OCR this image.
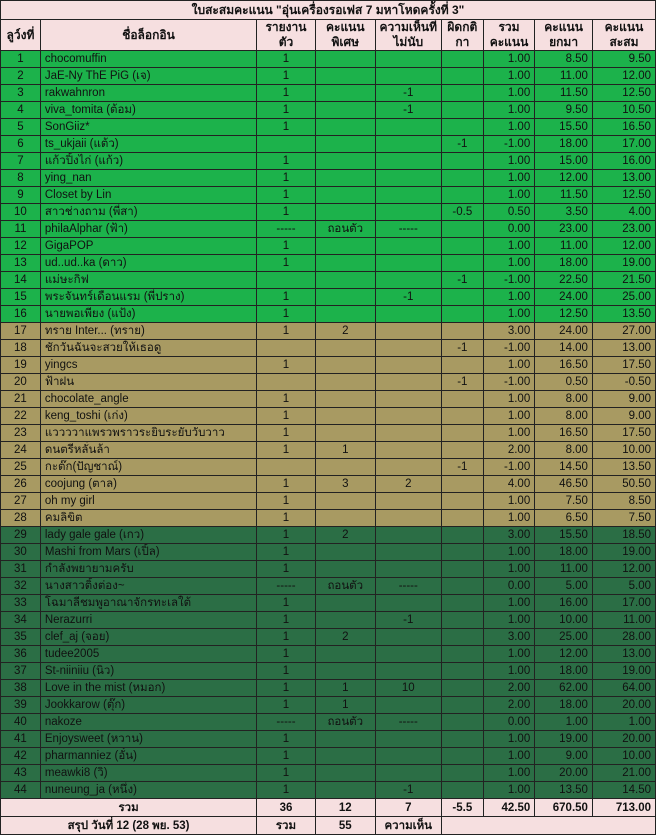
ใบสะสมคะแนน "อุ่นเครื่องรอเฟส 7 มหาโหดครั้งที่ 3"								
ลูว์งที่	ชื่อล็อกอิน	รายงานตัว	คะแนนพิเศษ	ความเห็นที่ไม่นับ	ผิดกติกา	รวมคะแนน	คะแนนยกมา	คะแนนสะสม
1	chocomuffin	1				1.00	8.50	9.50
2	JaE-Ny ThE PiG (เจ)	1				1.00	11.00	12.00
3	rakwahnron	1		-1		1.00	11.50	12.50
4	viva_tomita (ต้อม)	1		-1		1.00	9.50	10.50
5	SonGiiz*	1				1.00	15.50	16.50
6	ts_ukjaii (แต้ว)				-1	-1.00	18.00	17.00
7	แก้วปิ้งไก่ (แก้ว)	1				1.00	15.00	16.00
8	ying_nan	1				1.00	12.00	13.00
9	Closet by Lin	1				1.00	11.50	12.50
10	สาวช่างถาม (พี่สา)	1			-0.5	0.50	3.50	4.00
11	philaAlphar (ฟ้า)	-----	ถอนตัว	-----		0.00	23.00	23.00
12	GigaPOP	1				1.00	11.00	12.00
13	ud..ud..ka (ดาว)	1				1.00	18.00	19.00
14	แม่ษะกิฟ				-1	-1.00	22.50	21.50
15	พระจันทร์เดือนแรม (พี่ปราง)	1		-1		1.00	24.00	25.00
16	นายพอเพียง (แป้ง)	1				1.00	12.50	13.50
17	ทราย Inter... (ทราย)	1	2			3.00	24.00	27.00
18	ชักวันฉันจะสวยให้เธอดู				-1	-1.00	14.00	13.00
19	yingcs	1				1.00	16.50	17.50
20	ฟ้าฝน				-1	-1.00	0.50	-0.50
21	chocolate_angle	1				1.00	8.00	9.00
22	keng_toshi (เก่ง)	1				1.00	8.00	9.00
23	แววววาแพรวพราวระยิบระยับวับวาว	1				1.00	16.50	17.50
24	ดนตรีหลั่นล้า	1	1			2.00	8.00	10.00
25	กะต๊ก(ปัญชาณ์)				-1	-1.00	14.50	13.50
26	coojung (ตาล)	1	3	2		4.00	46.50	50.50
27	oh my girl	1				1.00	7.50	8.50
28	คมลิขิต	1				1.00	6.50	7.50
29	lady gale gale (เกว)	1	2			3.00	15.50	18.50
30	Mashi from Mars (เปิ้ล)	1				1.00	18.00	19.00
31	กำลังพยายามครับ	1				1.00	11.00	12.00
32	นางสาวติ้งต่อง~	-----	ถอนตัว	-----		0.00	5.00	5.00
33	โฉมาลีชมพูอาณาจักรทะเลใต้	1				1.00	16.00	17.00
34	Nerazurri	1		-1		1.00	10.00	11.00
35	clef_aj (จอย)	1	2			3.00	25.00	28.00
36	tudee2005	1				1.00	12.00	13.00
37	St-niiniiu (นิว)	1				1.00	18.00	19.00
38	Love in the mist (หมอก)	1	1	10		2.00	62.00	64.00
39	Jookkarow (ตุ๊ก)	1	1			2.00	18.00	20.00
40	nakoze	-----	ถอนตัว	-----		0.00	1.00	1.00
41	Enjoysweet (หวาน)	1				1.00	19.00	20.00
42	pharmanniez (อั๋น)	1				1.00	9.00	10.00
43	meawki8 (วิ)	1				1.00	20.00	21.00
44	nuneung_ja (หนึ่ง)	1		-1		1.00	13.50	14.50
รวม		36	12	7	-5.5	42.50	670.50	713.00
สรุป วันที่ 12 (28 พย. 53)		รวม	55	ความเห็น				
